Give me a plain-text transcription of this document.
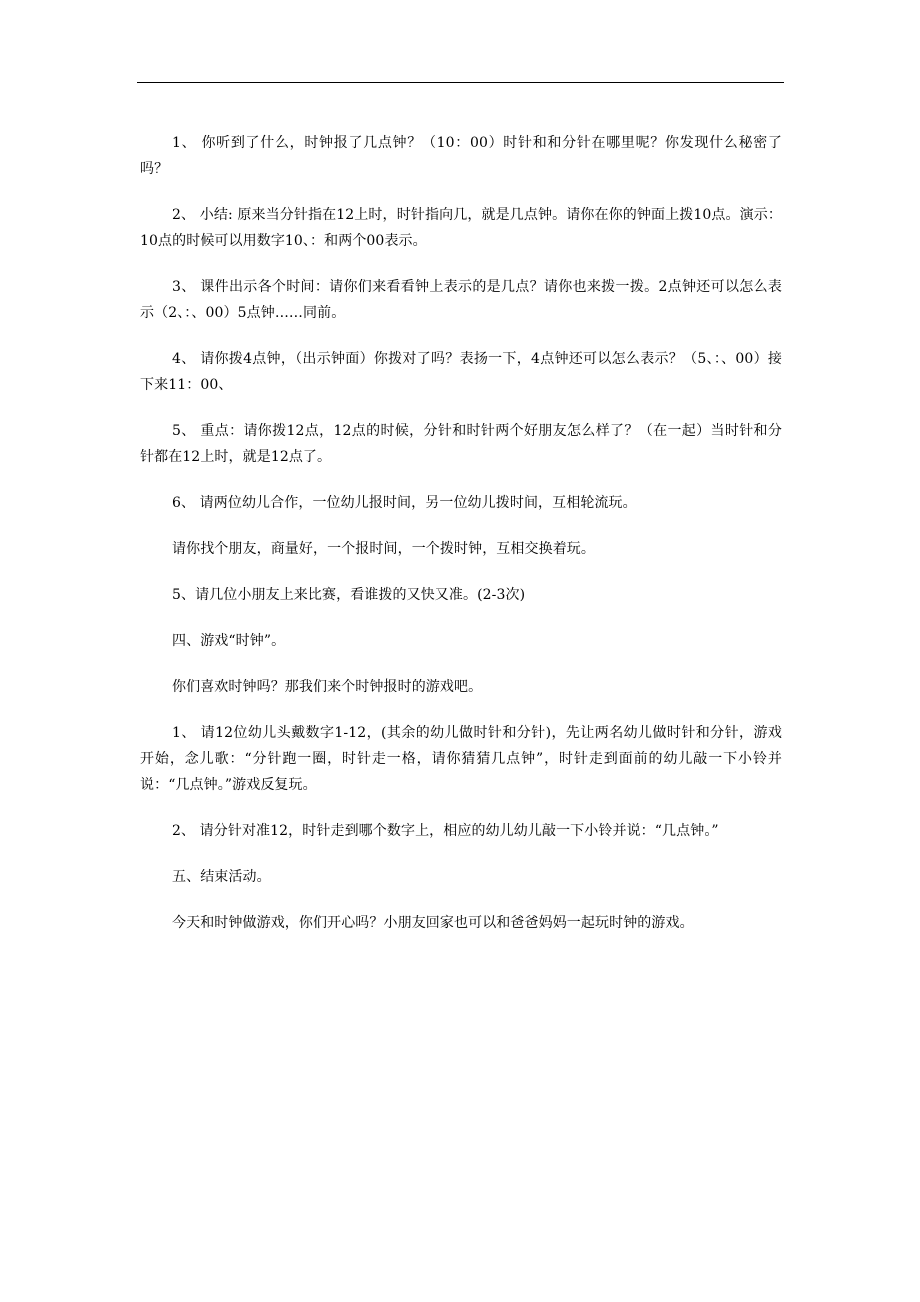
1、 你听到了什么，时钟报了几点钟？（10：00）时针和和分针在哪里呢？你发现什么秘密了吗？

2、 小结: 原来当分针指在12上时，时针指向几，就是几点钟。请你在你的钟面上拨10点。演示：10点的时候可以用数字10、：和两个00表示。

3、 课件出示各个时间：请你们来看看钟上表示的是几点？请你也来拨一拨。2点钟还可以怎么表示（2、：、00）5点钟……同前。

4、 请你拨4点钟，（出示钟面）你拨对了吗？表扬一下，4点钟还可以怎么表示？（5、：、00）接下来11：00、

5、 重点：请你拨12点，12点的时候，分针和时针两个好朋友怎么样了？（在一起）当时针和分针都在12上时，就是12点了。

6、 请两位幼儿合作，一位幼儿报时间，另一位幼儿拨时间，互相轮流玩。

请你找个朋友，商量好，一个报时间，一个拨时钟，互相交换着玩。

5、请几位小朋友上来比赛，看谁拨的又快又准。(2-3次)

四、游戏“时钟”。

你们喜欢时钟吗？那我们来个时钟报时的游戏吧。

1、 请12位幼儿头戴数字1-12，(其余的幼儿做时针和分针)，先让两名幼儿做时针和分针，游戏开始，念儿歌：“分针跑一圈，时针走一格，请你猜猜几点钟”，时针走到面前的幼儿敲一下小铃并说：“几点钟。”游戏反复玩。

2、 请分针对准12，时针走到哪个数字上，相应的幼儿幼儿敲一下小铃并说：“几点钟。”

五、结束活动。

今天和时钟做游戏，你们开心吗？小朋友回家也可以和爸爸妈妈一起玩时钟的游戏。
